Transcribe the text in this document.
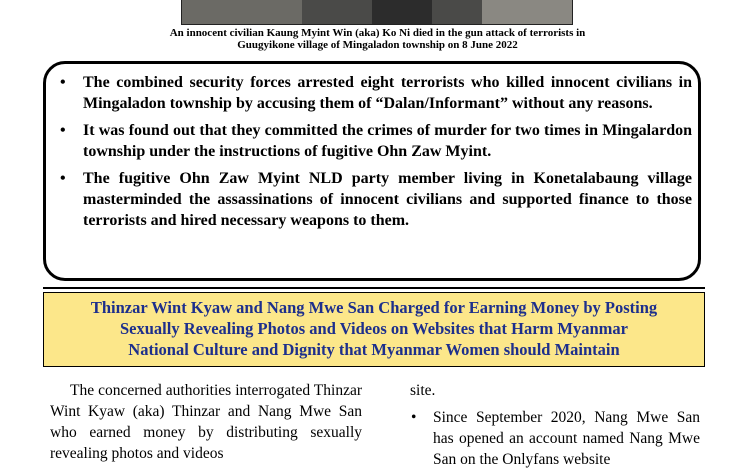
An innocent civilian Kaung Myint Win (aka) Ko Ni died in the gun attack of terrorists in
Guugyikone village of Mingaladon township on 8 June 2022
• The combined security forces arrested eight terrorists who killed innocent civilians in Mingaladon township by accusing them of “Dalan/Informant” without any reasons.
• It was found out that they committed the crimes of murder for two times in Mingalardon township under the instructions of fugitive Ohn Zaw Myint.
• The fugitive Ohn Zaw Myint NLD party member living in Konetalabaung village masterminded the assassinations of innocent civilians and supported finance to those terrorists and hired necessary weapons to them.
Thinzar Wint Kyaw and Nang Mwe San Charged for Earning Money by Posting
Sexually Revealing Photos and Videos on Websites that Harm Myanmar
National Culture and Dignity that Myanmar Women should Maintain

The concerned authorities interrogated Thinzar Wint Kyaw (aka) Thinzar and Nang Mwe San who earned money by distributing sexually revealing photos and videos

site.

• Since September 2020, Nang Mwe San has opened an account named Nang Mwe San on the Onlyfans website
